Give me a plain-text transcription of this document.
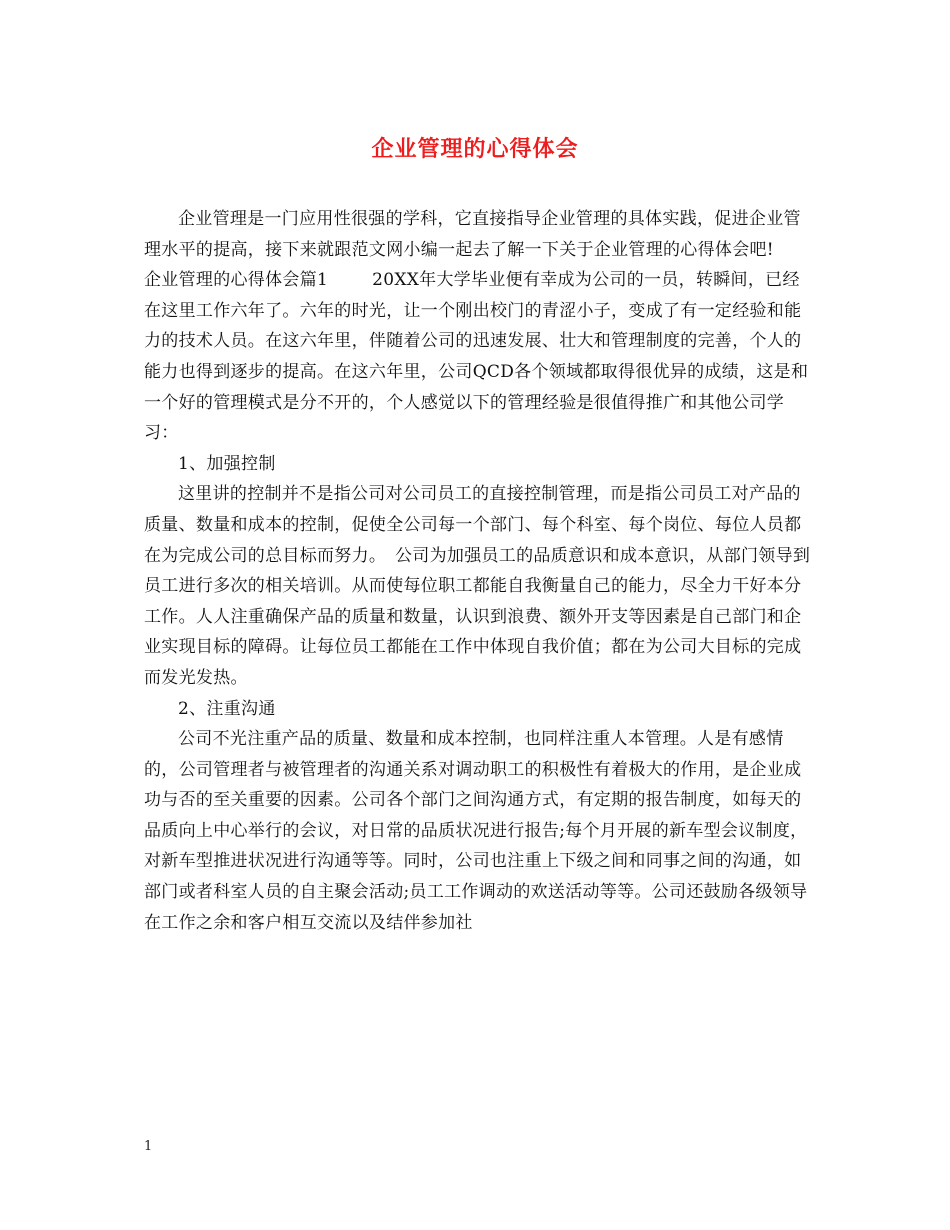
企业管理的心得体会

企业管理是一门应用性很强的学科，它直接指导企业管理的具体实践，促进企业管理水平的提高，接下来就跟范文网小编一起去了解一下关于企业管理的心得体会吧!

企业管理的心得体会篇1	20XX年大学毕业便有幸成为公司的一员，转瞬间，已经在这里工作六年了。六年的时光，让一个刚出校门的青涩小子，变成了有一定经验和能力的技术人员。在这六年里，伴随着公司的迅速发展、壮大和管理制度的完善，个人的能力也得到逐步的提高。在这六年里，公司QCD各个领域都取得很优异的成绩，这是和一个好的管理模式是分不开的，个人感觉以下的管理经验是很值得推广和其他公司学习：

1、加强控制

这里讲的控制并不是指公司对公司员工的直接控制管理，而是指公司员工对产品的质量、数量和成本的控制，促使全公司每一个部门、每个科室、每个岗位、每位人员都在为完成公司的总目标而努力。　公司为加强员工的品质意识和成本意识，从部门领导到员工进行多次的相关培训。从而使每位职工都能自我衡量自己的能力，尽全力干好本分工作。人人注重确保产品的质量和数量，认识到浪费、额外开支等因素是自己部门和企业实现目标的障碍。让每位员工都能在工作中体现自我价值；都在为公司大目标的完成而发光发热。

2、注重沟通

公司不光注重产品的质量、数量和成本控制，也同样注重人本管理。人是有感情的，公司管理者与被管理者的沟通关系对调动职工的积极性有着极大的作用，是企业成功与否的至关重要的因素。公司各个部门之间沟通方式，有定期的报告制度，如每天的品质向上中心举行的会议，对日常的品质状况进行报告;每个月开展的新车型会议制度，对新车型推进状况进行沟通等等。同时，公司也注重上下级之间和同事之间的沟通，如部门或者科室人员的自主聚会活动;员工工作调动的欢送活动等等。公司还鼓励各级领导在工作之余和客户相互交流以及结伴参加社

1
